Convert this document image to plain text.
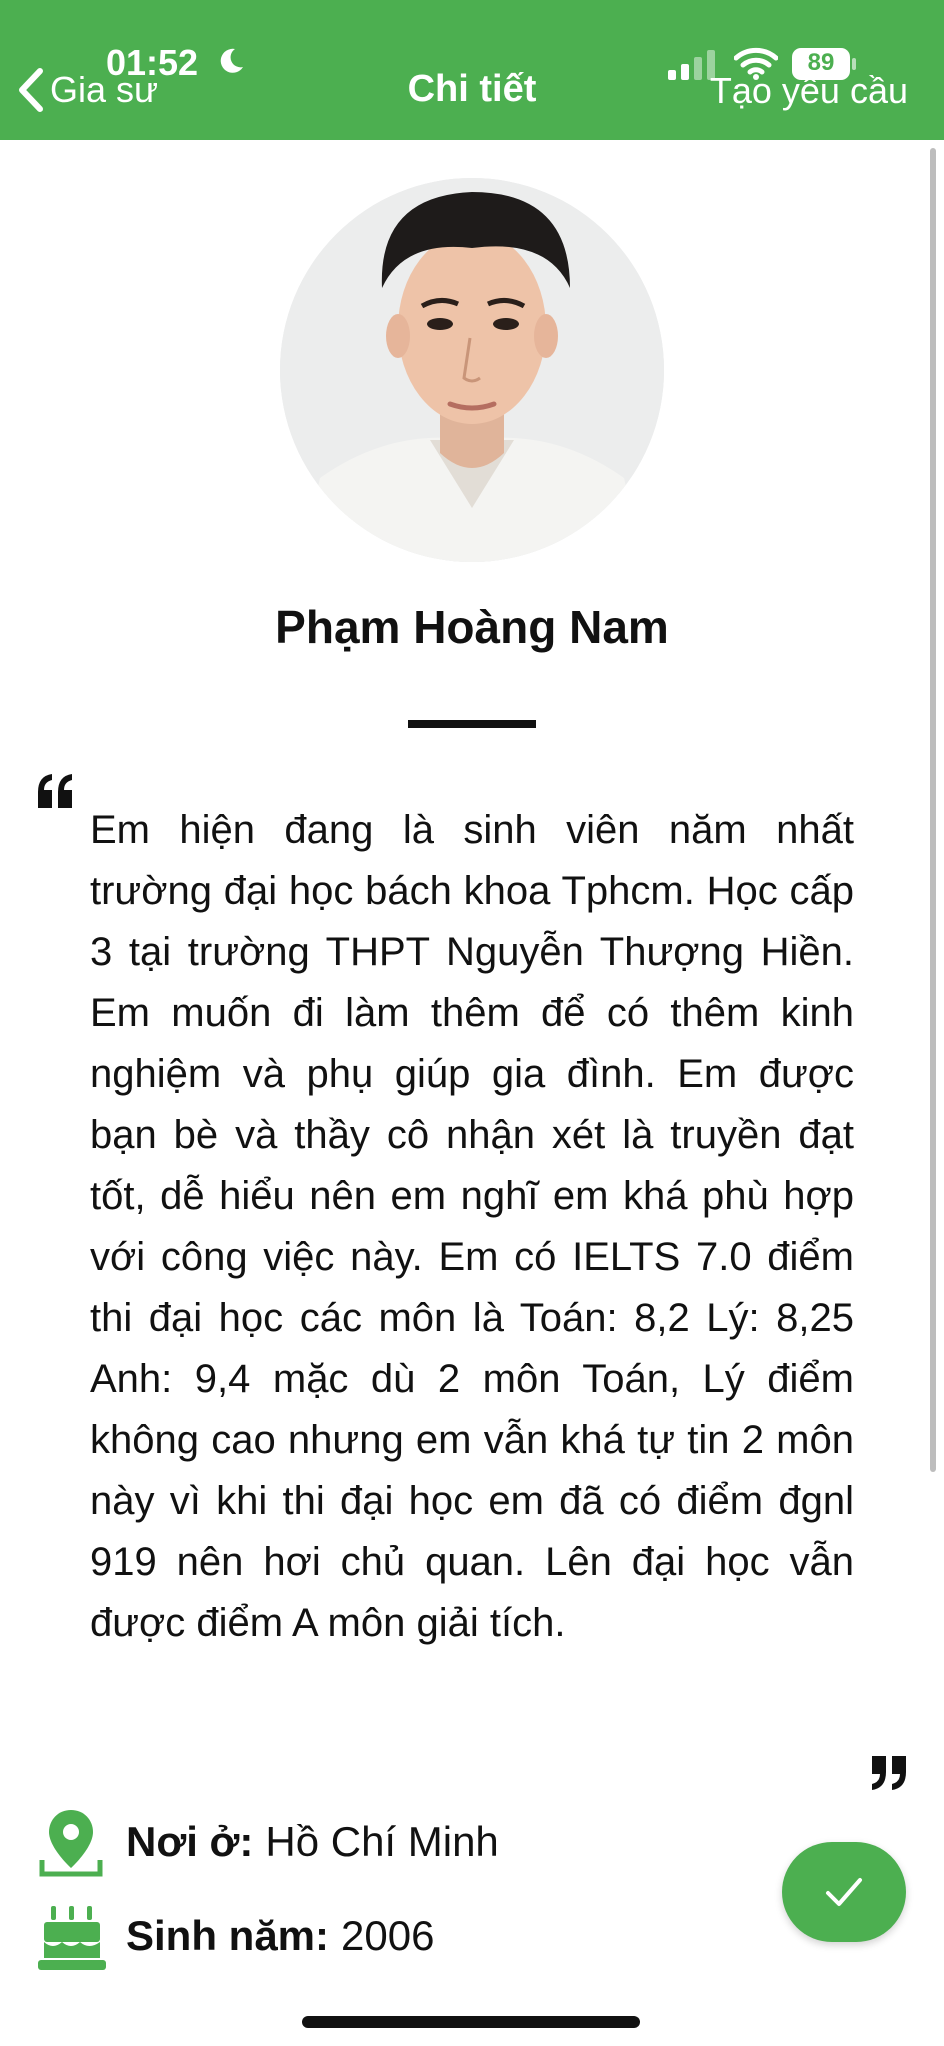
01:52	89
Gia sư	Chi tiết	Tạo yêu cầu
Phạm Hoàng Nam

Em hiện đang là sinh viên năm nhất trường đại học bách khoa Tphcm. Học cấp 3 tại trường THPT Nguyễn Thượng Hiền. Em muốn đi làm thêm để có thêm kinh nghiệm và phụ giúp gia đình. Em được bạn bè và thầy cô nhận xét là truyền đạt tốt, dễ hiểu nên em nghĩ em khá phù hợp với công việc này. Em có IELTS 7.0 điểm thi đại học các môn là Toán: 8,2 Lý: 8,25 Anh: 9,4 mặc dù 2 môn Toán, Lý điểm không cao nhưng em vẫn khá tự tin 2 môn này vì khi thi đại học em đã có điểm đgnl 919 nên hơi chủ quan. Lên đại học vẫn được điểm A môn giải tích.

Nơi ở: Hồ Chí Minh
Sinh năm: 2006
